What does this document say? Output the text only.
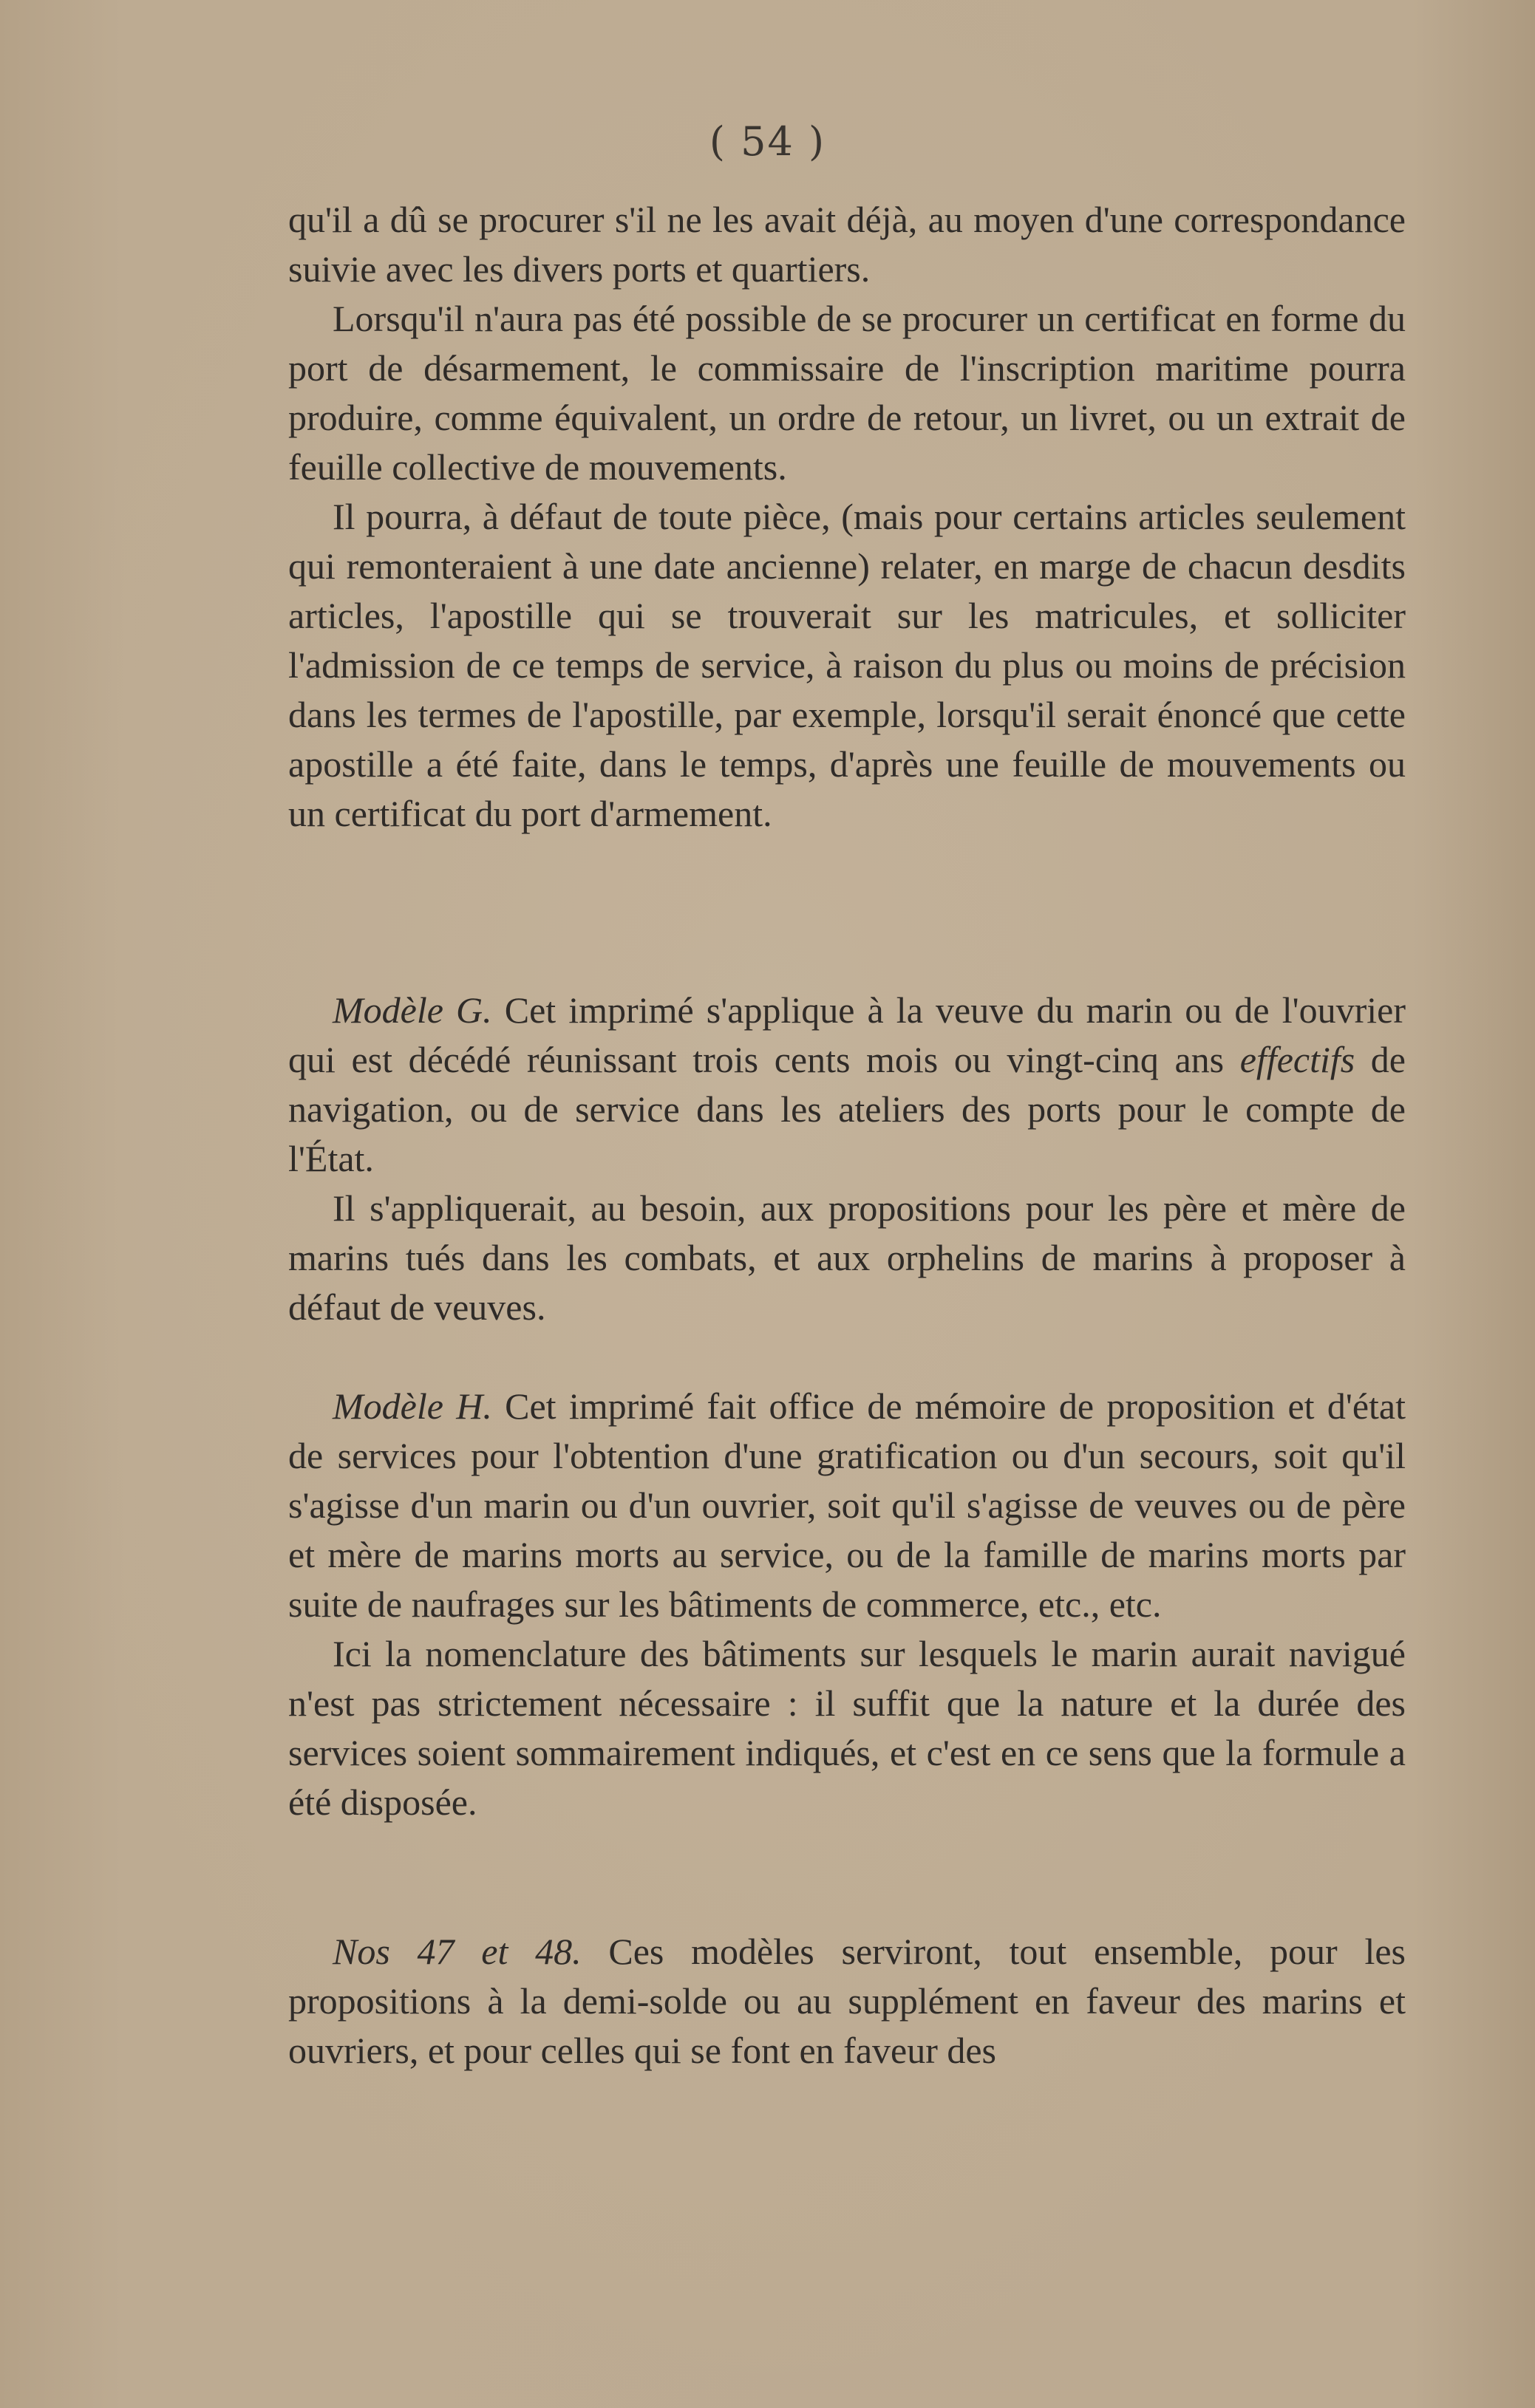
( 54 )

qu'il a dû se procurer s'il ne les avait déjà, au moyen d'une correspondance suivie avec les divers ports et quartiers.

Lorsqu'il n'aura pas été possible de se procurer un certificat en forme du port de désarmement, le commissaire de l'inscription maritime pourra produire, comme équivalent, un ordre de retour, un livret, ou un extrait de feuille collective de mouvements.

Il pourra, à défaut de toute pièce, (mais pour certains articles seulement qui remonteraient à une date ancienne) relater, en marge de chacun desdits articles, l'apostille qui se trouverait sur les matricules, et solliciter l'admission de ce temps de service, à raison du plus ou moins de précision dans les termes de l'apostille, par exemple, lorsqu'il serait énoncé que cette apostille a été faite, dans le temps, d'après une feuille de mouvements ou un certificat du port d'armement.

Modèle G. Cet imprimé s'applique à la veuve du marin ou de l'ouvrier qui est décédé réunissant trois cents mois ou vingt-cinq ans effectifs de navigation, ou de service dans les ateliers des ports pour le compte de l'État.

Il s'appliquerait, au besoin, aux propositions pour les père et mère de marins tués dans les combats, et aux orphelins de marins à proposer à défaut de veuves.

Modèle H. Cet imprimé fait office de mémoire de proposition et d'état de services pour l'obtention d'une gratification ou d'un secours, soit qu'il s'agisse d'un marin ou d'un ouvrier, soit qu'il s'agisse de veuves ou de père et mère de marins morts au service, ou de la famille de marins morts par suite de naufrages sur les bâtiments de commerce, etc., etc.

Ici la nomenclature des bâtiments sur lesquels le marin aurait navigué n'est pas strictement nécessaire : il suffit que la nature et la durée des services soient sommairement indiqués, et c'est en ce sens que la formule a été disposée.

Nos 47 et 48. Ces modèles serviront, tout ensemble, pour les propositions à la demi-solde ou au supplément en faveur des marins et ouvriers, et pour celles qui se font en faveur des
